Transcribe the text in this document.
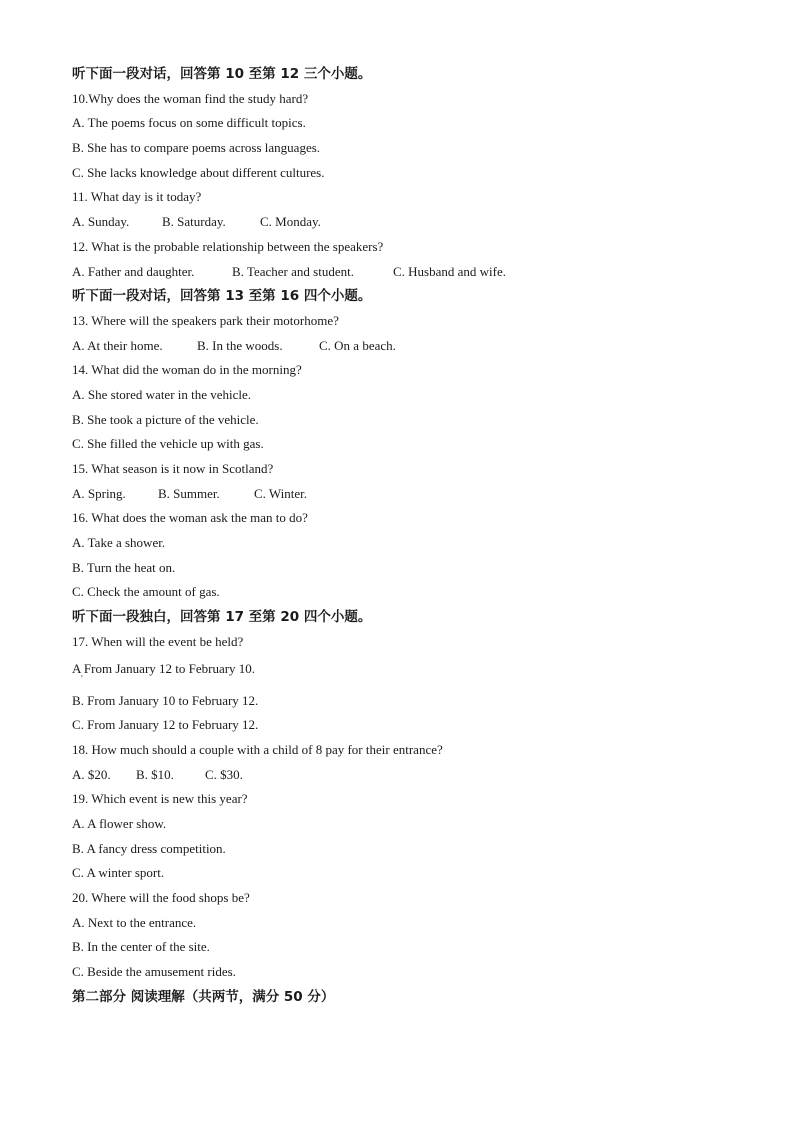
听下面一段对话，回答第 10 至第 12 三个小题。
10.Why does the woman find the study hard?
A. The poems focus on some difficult topics.
B. She has to compare poems across languages.
C. She lacks knowledge about different cultures.
11. What day is it today?
A. Sunday.	B. Saturday.	C. Monday.
12. What is the probable relationship between the speakers?
A. Father and daughter.	B. Teacher and student.	C. Husband and wife.
听下面一段对话，回答第 13 至第 16 四个小题。
13. Where will the speakers park their motorhome?
A. At their home.	B. In the woods.	C. On a beach.
14. What did the woman do in the morning?
A. She stored water in the vehicle.
B. She took a picture of the vehicle.
C. She filled the vehicle up with gas.
15. What season is it now in Scotland?
A. Spring.	B. Summer.	C. Winter.
16. What does the woman ask the man to do?
A. Take a shower.
B. Turn the heat on.
C. Check the amount of gas.
听下面一段独白，回答第 17 至第 20 四个小题。
17. When will the event be held?
A From January 12 to February 10.
'
B. From January 10 to February 12.
C. From January 12 to February 12.
18. How much should a couple with a child of 8 pay for their entrance?
A. $20.	B. $10.	C. $30.
19. Which event is new this year?
A. A flower show.
B. A fancy dress competition.
C. A winter sport.
20. Where will the food shops be?
A. Next to the entrance.
B. In the center of the site.
C. Beside the amusement rides.
第二部分 阅读理解（共两节，满分 50 分）
